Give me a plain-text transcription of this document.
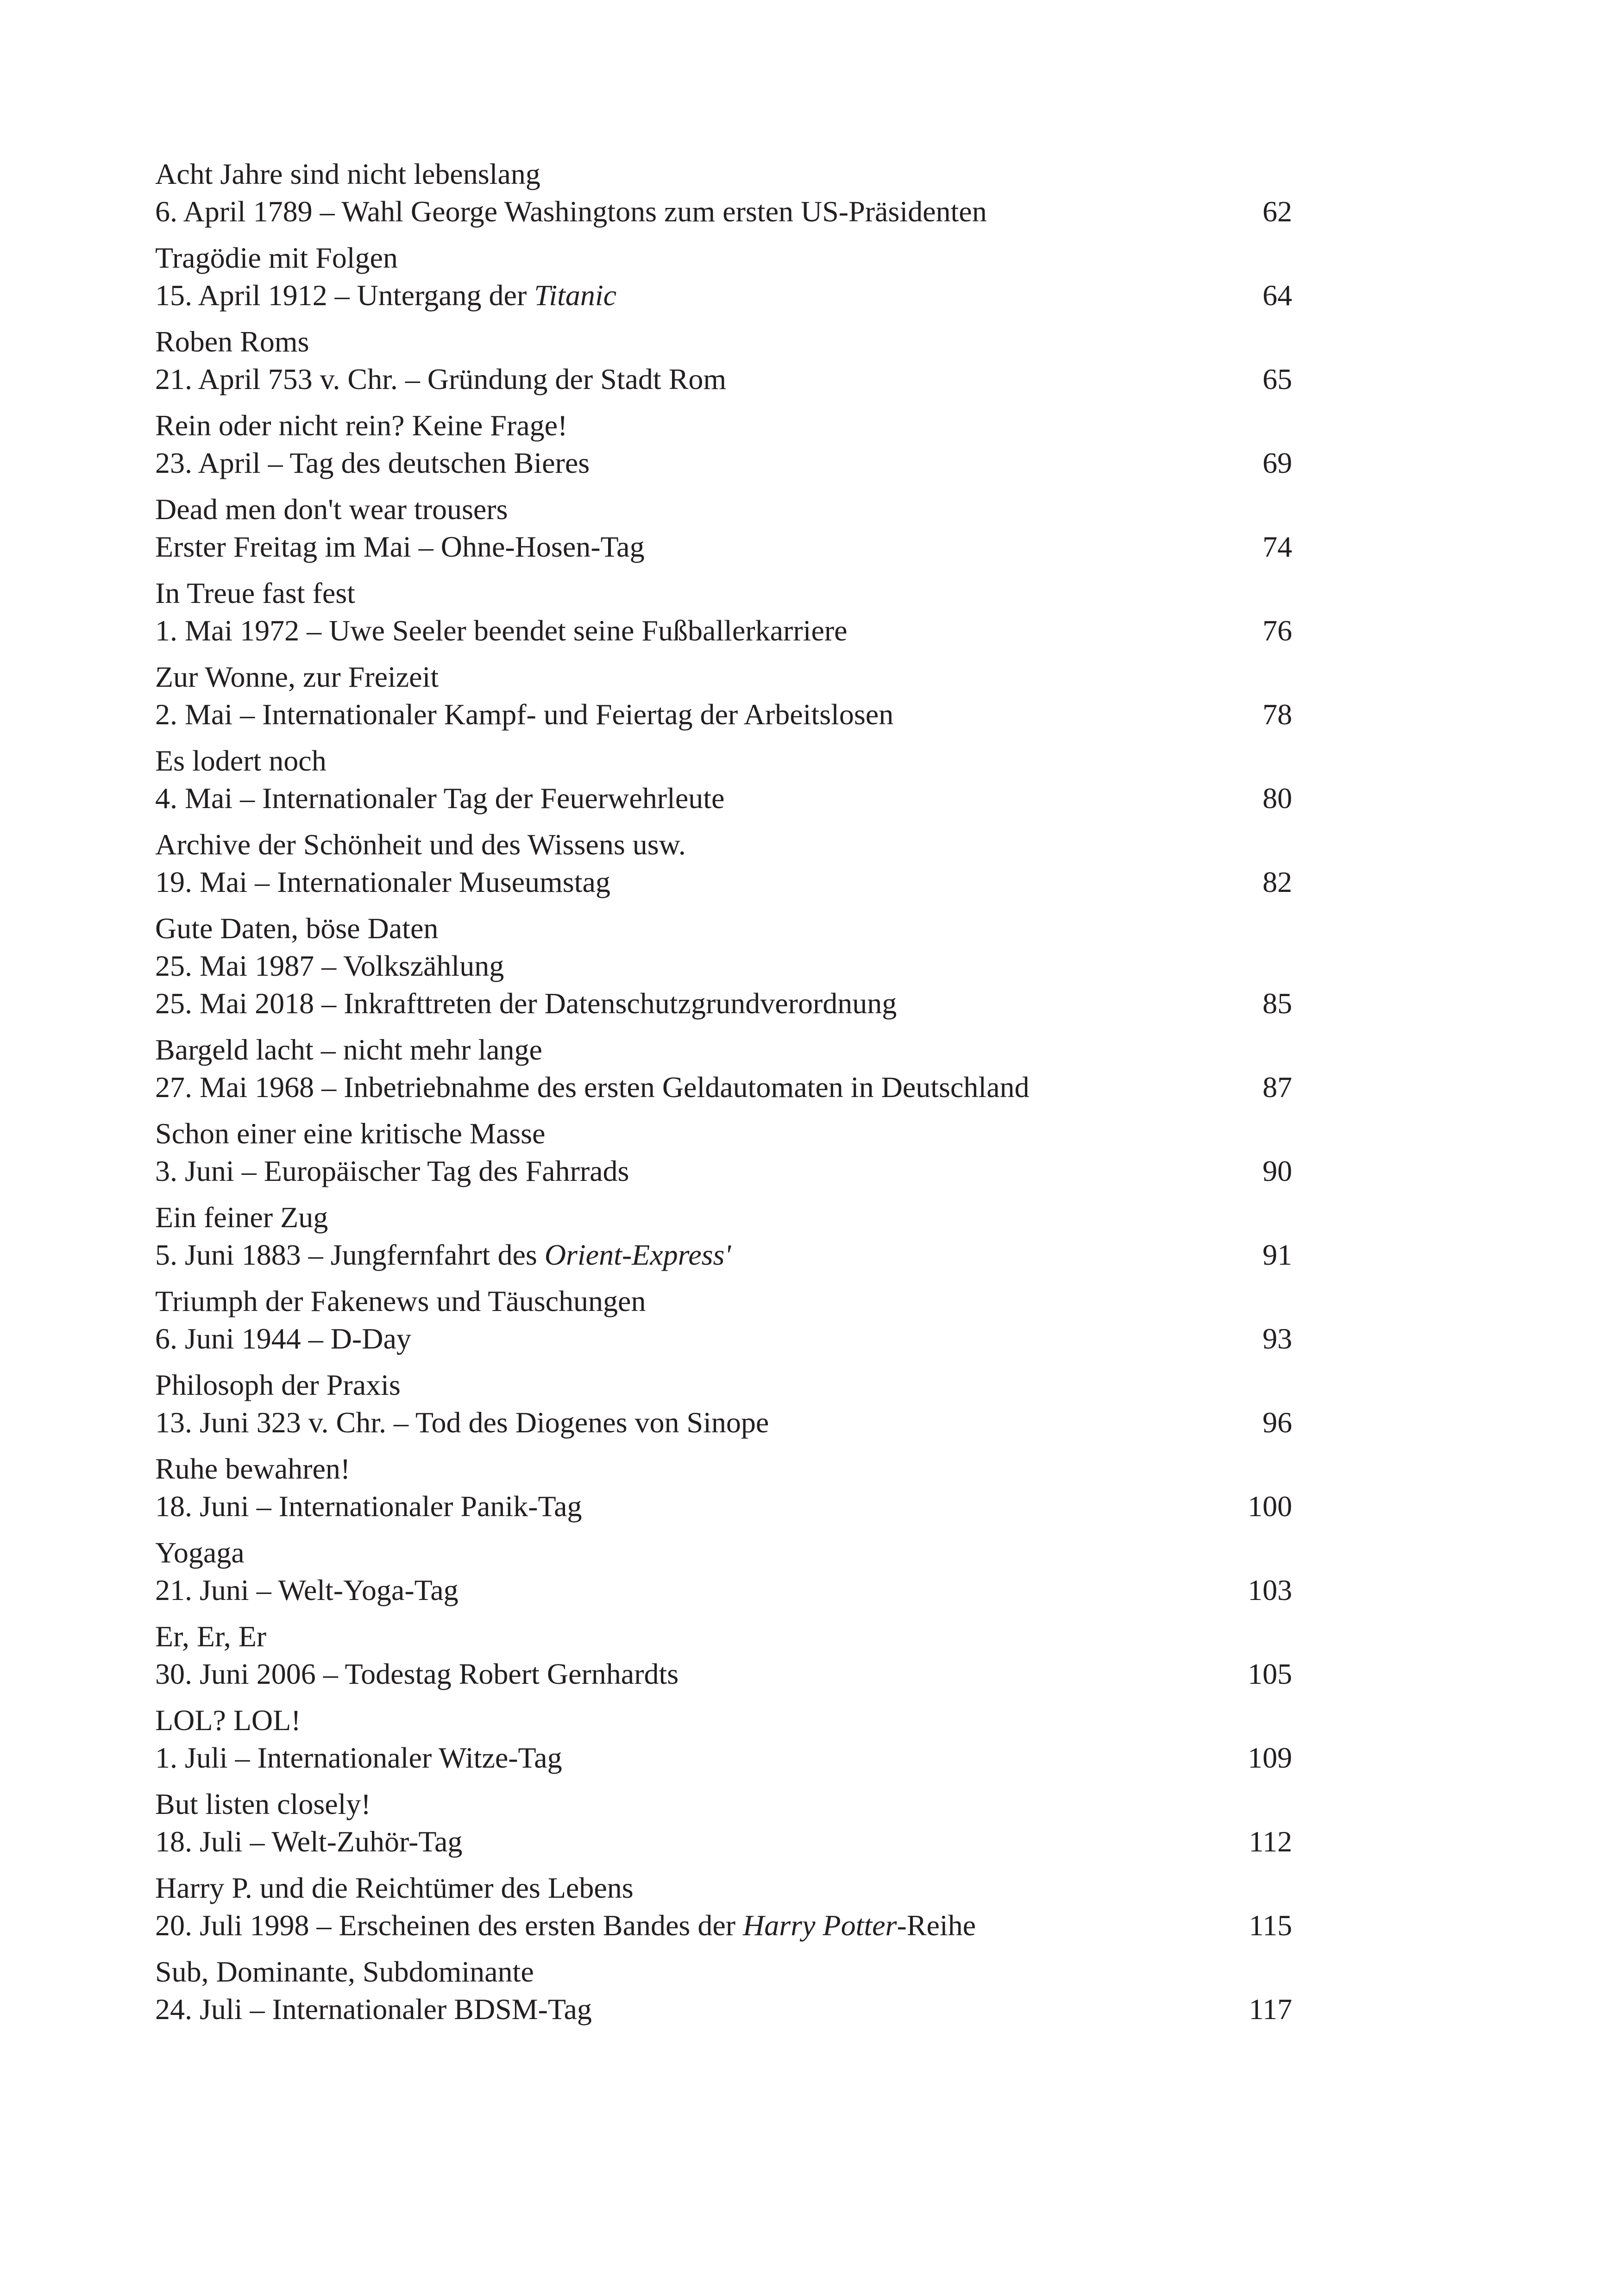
Acht Jahre sind nicht lebenslang
6. April 1789 – Wahl George Washingtons zum ersten US-Präsidenten	62
Tragödie mit Folgen
15. April 1912 – Untergang der Titanic	64
Roben Roms
21. April 753 v. Chr. – Gründung der Stadt Rom	65
Rein oder nicht rein? Keine Frage!
23. April – Tag des deutschen Bieres	69
Dead men don't wear trousers
Erster Freitag im Mai – Ohne-Hosen-Tag	74
In Treue fast fest
1. Mai 1972 – Uwe Seeler beendet seine Fußballerkarriere	76
Zur Wonne, zur Freizeit
2. Mai – Internationaler Kampf- und Feiertag der Arbeitslosen	78
Es lodert noch
4. Mai – Internationaler Tag der Feuerwehrleute	80
Archive der Schönheit und des Wissens usw.
19. Mai – Internationaler Museumstag	82
Gute Daten, böse Daten
25. Mai 1987 – Volkszählung
25. Mai 2018 – Inkrafttreten der Datenschutzgrundverordnung	85
Bargeld lacht – nicht mehr lange
27. Mai 1968 – Inbetriebnahme des ersten Geldautomaten in Deutschland	87
Schon einer eine kritische Masse
3. Juni – Europäischer Tag des Fahrrads	90
Ein feiner Zug
5. Juni 1883 – Jungfernfahrt des Orient-Express'	91
Triumph der Fakenews und Täuschungen
6. Juni 1944 – D-Day	93
Philosoph der Praxis
13. Juni 323 v. Chr. – Tod des Diogenes von Sinope	96
Ruhe bewahren!
18. Juni – Internationaler Panik-Tag	100
Yogaga
21. Juni – Welt-Yoga-Tag	103
Er, Er, Er
30. Juni 2006 – Todestag Robert Gernhardts	105
LOL? LOL!
1. Juli – Internationaler Witze-Tag	109
But listen closely!
18. Juli – Welt-Zuhör-Tag	112
Harry P. und die Reichtümer des Lebens
20. Juli 1998 – Erscheinen des ersten Bandes der Harry Potter-Reihe	115
Sub, Dominante, Subdominante
24. Juli – Internationaler BDSM-Tag	117
